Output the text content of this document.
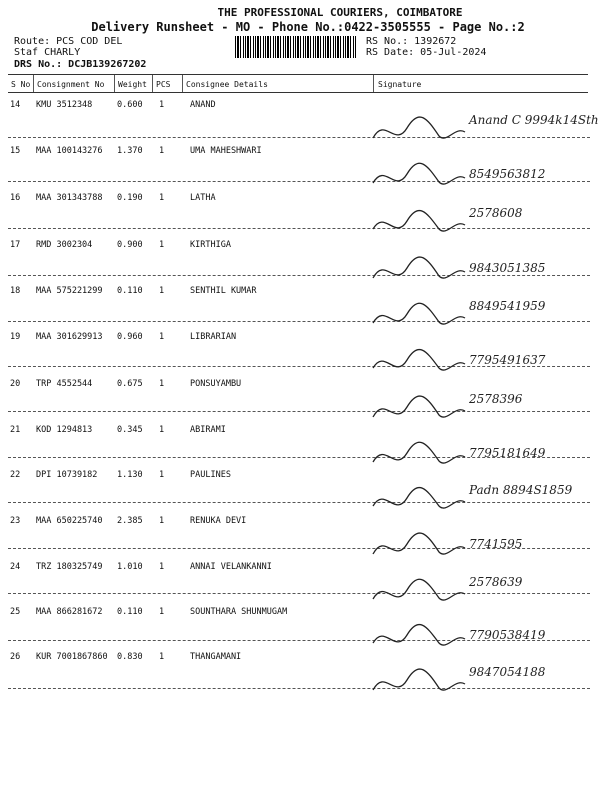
THE PROFESSIONAL COURIERS, COIMBATORE
Delivery Runsheet - MO - Phone No.:0422-3505555 - Page No.:2
Route: PCS COD DEL
Staf CHARLY
DRS No.: DCJB139267202
RS No.: 1392672
RS Date: 05-Jul-2024
S No Consignment No Weight PCS Consignee Details	Signature
14 KMU 3512348	0.600 1	ANAND
Anand C 9994k14Sth
15 MAA 100143276 1.370 1	UMA MAHESHWARI
8549563812
16 MAA 301343788 0.190 1	LATHA
2578608
17 RMD 3002304	0.900 1	KIRTHIGA
9843051385
18 MAA 575221299 0.110 1	SENTHIL KUMAR
8849541959
19 MAA 301629913 0.960 1	LIBRARIAN
7795491637
20 TRP 4552544	0.675 1	PONSUYAMBU
2578396
21 KOD 1294813	0.345 1	ABIRAMI
7795181649
22 DPI 10739182 1.130 1	PAULINES
Padn 8894S1859
23 MAA 650225740 2.385 1	RENUKA DEVI
7741595
24 TRZ 180325749 1.010 1	ANNAI VELANKANNI
2578639
25 MAA 866281672 0.110 1	SOUNTHARA SHUNMUGAM
7790538419
26 KUR 7001867860 0.830 1	THANGAMANI
9847054188
